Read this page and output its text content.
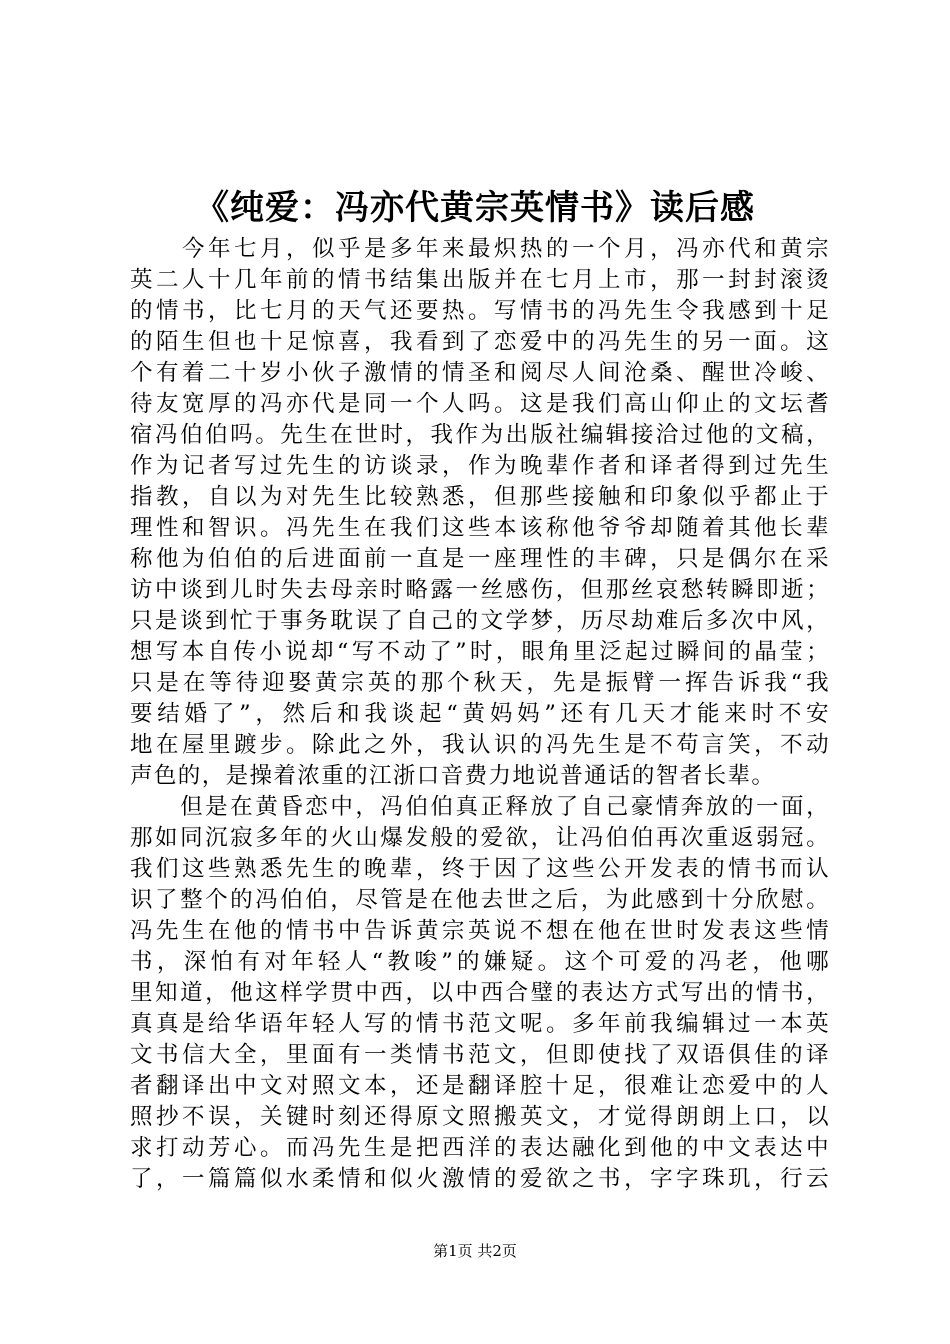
《纯爱：冯亦代黄宗英情书》读后感
　　今年七月，似乎是多年来最炽热的一个月，冯亦代和黄宗
英二人十几年前的情书结集出版并在七月上市，那一封封滚烫
的情书，比七月的天气还要热。写情书的冯先生令我感到十足
的陌生但也十足惊喜，我看到了恋爱中的冯先生的另一面。这
个有着二十岁小伙子激情的情圣和阅尽人间沧桑、醒世冷峻、
待友宽厚的冯亦代是同一个人吗。这是我们高山仰止的文坛耆
宿冯伯伯吗。先生在世时，我作为出版社编辑接洽过他的文稿，
作为记者写过先生的访谈录，作为晚辈作者和译者得到过先生
指教，自以为对先生比较熟悉，但那些接触和印象似乎都止于
理性和智识。冯先生在我们这些本该称他爷爷却随着其他长辈
称他为伯伯的后进面前一直是一座理性的丰碑，只是偶尔在采
访中谈到儿时失去母亲时略露一丝感伤，但那丝哀愁转瞬即逝；
只是谈到忙于事务耽误了自己的文学梦，历尽劫难后多次中风，
想写本自传小说却“写不动了”时，眼角里泛起过瞬间的晶莹；
只是在等待迎娶黄宗英的那个秋天，先是振臂一挥告诉我“我
要结婚了”，然后和我谈起“黄妈妈”还有几天才能来时不安
地在屋里踱步。除此之外，我认识的冯先生是不苟言笑，不动
声色的，是操着浓重的江浙口音费力地说普通话的智者长辈。
　　但是在黄昏恋中，冯伯伯真正释放了自己豪情奔放的一面，
那如同沉寂多年的火山爆发般的爱欲，让冯伯伯再次重返弱冠。
我们这些熟悉先生的晚辈，终于因了这些公开发表的情书而认
识了整个的冯伯伯，尽管是在他去世之后，为此感到十分欣慰。
冯先生在他的情书中告诉黄宗英说不想在他在世时发表这些情
书，深怕有对年轻人“教唆”的嫌疑。这个可爱的冯老，他哪
里知道，他这样学贯中西，以中西合璧的表达方式写出的情书，
真真是给华语年轻人写的情书范文呢。多年前我编辑过一本英
文书信大全，里面有一类情书范文，但即使找了双语俱佳的译
者翻译出中文对照文本，还是翻译腔十足，很难让恋爱中的人
照抄不误，关键时刻还得原文照搬英文，才觉得朗朗上口，以
求打动芳心。而冯先生是把西洋的表达融化到他的中文表达中
了，一篇篇似水柔情和似火激情的爱欲之书，字字珠玑，行云
第1页 共2页
